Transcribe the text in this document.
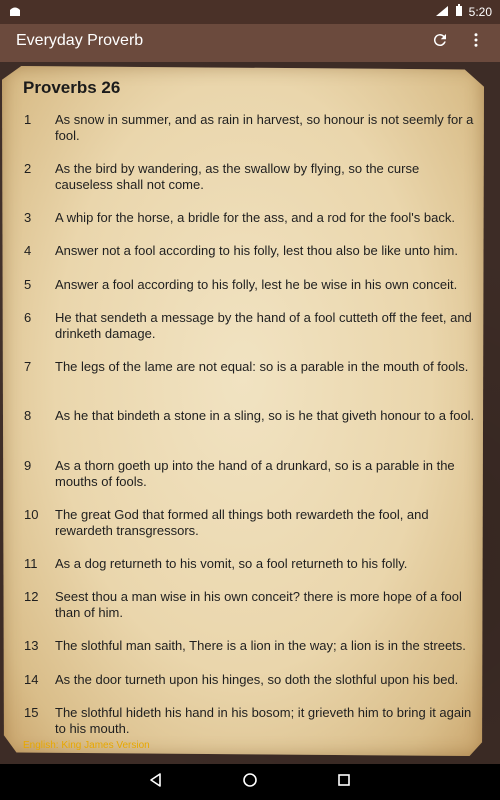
5:20
Everyday Proverb
Proverbs 26
1 As snow in summer, and as rain in harvest, so honour is not seemly for a fool.
2 As the bird by wandering, as the swallow by flying, so the curse causeless shall not come.
3 A whip for the horse, a bridle for the ass, and a rod for the fool's back.
4 Answer not a fool according to his folly, lest thou also be like unto him.
5 Answer a fool according to his folly, lest he be wise in his own conceit.
6 He that sendeth a message by the hand of a fool cutteth off the feet, and drinketh damage.
7 The legs of the lame are not equal: so is a parable in the mouth of fools.
8 As he that bindeth a stone in a sling, so is he that giveth honour to a fool.
9 As a thorn goeth up into the hand of a drunkard, so is a parable in the mouths of fools.
10 The great God that formed all things both rewardeth the fool, and rewardeth transgressors.
11 As a dog returneth to his vomit, so a fool returneth to his folly.
12 Seest thou a man wise in his own conceit? there is more hope of a fool than of him.
13 The slothful man saith, There is a lion in the way; a lion is in the streets.
14 As the door turneth upon his hinges, so doth the slothful upon his bed.
15 The slothful hideth his hand in his bosom; it grieveth him to bring it again to his mouth.
English: King James Version
